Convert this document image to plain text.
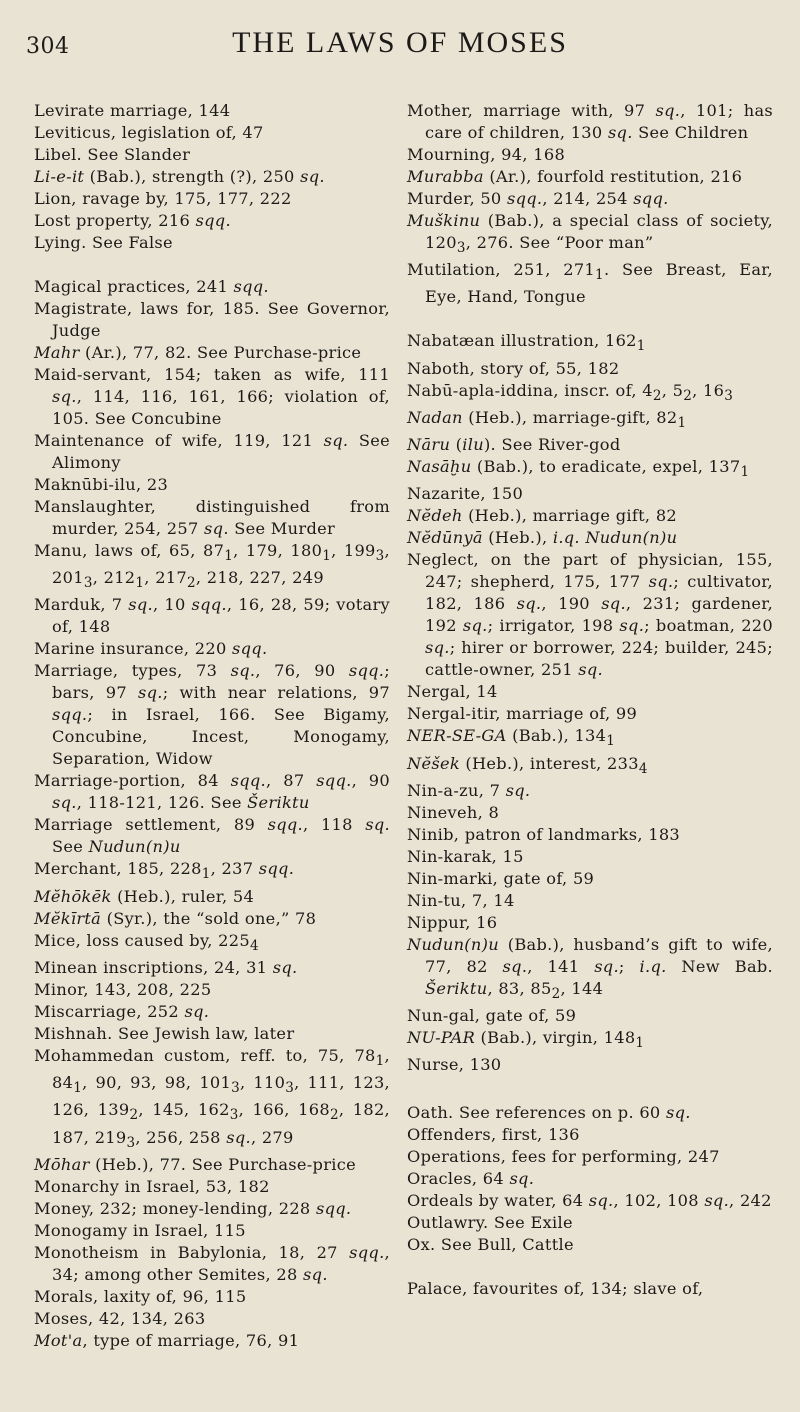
304	THE LAWS OF MOSES

Levirate marriage, 144

Leviticus, legislation of, 47

Libel. See Slander

Li-e-it (Bab.), strength (?), 250 sq.

Lion, ravage by, 175, 177, 222

Lost property, 216 sqq.

Lying. See False

Magical practices, 241 sqq.

Magistrate, laws for, 185. See Governor, Judge

Mahr (Ar.), 77, 82. See Purchase-price

Maid-servant, 154; taken as wife, 111 sq., 114, 116, 161, 166; violation of, 105. See Concubine

Maintenance of wife, 119, 121 sq. See Alimony

Maknūbi-ilu, 23

Manslaughter, distinguished from murder, 254, 257 sq. See Murder

Manu, laws of, 65, $87_1$, 179, $180_1$, $199_3$, $201_3$, $212_1$, $217_2$, 218, 227, 249

Marduk, 7 sq., 10 sqq., 16, 28, 59; votary of, 148

Marine insurance, 220 sqq.

Marriage, types, 73 sq., 76, 90 sqq.; bars, 97 sq.; with near relations, 97 sqq.; in Israel, 166. See Bigamy, Concubine, Incest, Monogamy, Separation, Widow

Marriage-portion, 84 sqq., 87 sqq., 90 sq., 118-121, 126. See Šeriktu

Marriage settlement, 89 sqq., 118 sq. See Nudun(n)u

Merchant, 185, $228_1$, 237 sqq.

Mĕhōkēk (Heb.), ruler, 54

Mĕkīrtā (Syr.), the “sold one,” 78

Mice, loss caused by, $225_4$

Minean inscriptions, 24, 31 sq.

Minor, 143, 208, 225

Miscarriage, 252 sq.

Mishnah. See Jewish law, later

Mohammedan custom, reff. to, 75, $78_1$, $84_1$, 90, 93, 98, $101_3$, $110_3$, 111, 123, 126, $139_2$, 145, $162_3$, 166, $168_2$, 182, 187, $219_3$, 256, 258 sq., 279

Mōhar (Heb.), 77. See Purchase-price

Monarchy in Israel, 53, 182

Money, 232; money-lending, 228 sqq.

Monogamy in Israel, 115

Monotheism in Babylonia, 18, 27 sqq., 34; among other Semites, 28 sq.

Morals, laxity of, 96, 115

Moses, 42, 134, 263

Mot'a, type of marriage, 76, 91

Mother, marriage with, 97 sq., 101; has care of children, 130 sq. See Children

Mourning, 94, 168

Murabba (Ar.), fourfold restitution, 216

Murder, 50 sqq., 214, 254 sqq.

Muškinu (Bab.), a special class of society, $120_3$, 276. See “Poor man”

Mutilation, 251, $271_1$. See Breast, Ear, Eye, Hand, Tongue

Nabatæan illustration, $162_1$

Naboth, story of, 55, 182

Nabū-apla-iddina, inscr. of, $4_2$, $5_2$, $16_3$

Nadan (Heb.), marriage-gift, $82_1$

Nāru (ilu). See River-god

Nasāḫu (Bab.), to eradicate, expel, $137_1$

Nazarite, 150

Nĕdeh (Heb.), marriage gift, 82

Nĕdūnyā (Heb.), i.q. Nudun(n)u

Neglect, on the part of physician, 155, 247; shepherd, 175, 177 sq.; cultivator, 182, 186 sq., 190 sq., 231; gardener, 192 sq.; irrigator, 198 sq.; boatman, 220 sq.; hirer or borrower, 224; builder, 245; cattle-owner, 251 sq.

Nergal, 14

Nergal-itir, marriage of, 99

NER-SE-GA (Bab.), $134_1$

Nĕšek (Heb.), interest, $233_4$

Nin-a-zu, 7 sq.

Nineveh, 8

Ninib, patron of landmarks, 183

Nin-karak, 15

Nin-marki, gate of, 59

Nin-tu, 7, 14

Nippur, 16

Nudun(n)u (Bab.), husband’s gift to wife, 77, 82 sq., 141 sq.; i.q. New Bab. Šeriktu, 83, $85_2$, 144

Nun-gal, gate of, 59

NU-PAR (Bab.), virgin, $148_1$

Nurse, 130

Oath. See references on p. 60 sq.

Offenders, first, 136

Operations, fees for performing, 247

Oracles, 64 sq.

Ordeals by water, 64 sq., 102, 108 sq., 242

Outlawry. See Exile

Ox. See Bull, Cattle

Palace, favourites of, 134; slave of,
